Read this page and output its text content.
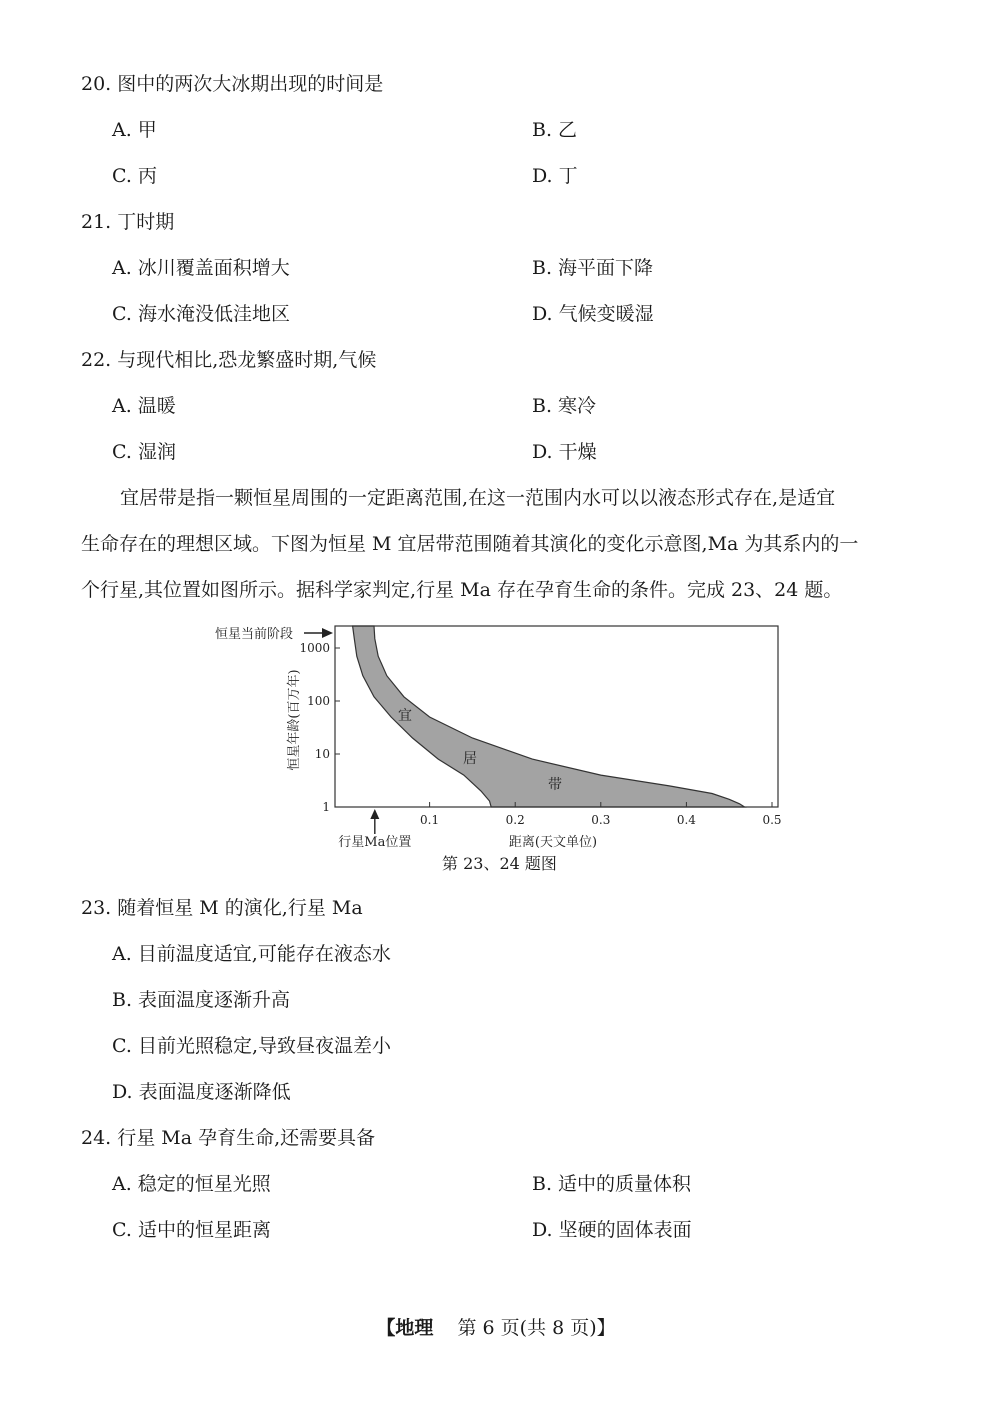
20. 图中的两次大冰期出现的时间是
A. 甲	B. 乙
C. 丙	D. 丁
21. 丁时期
A. 冰川覆盖面积增大	B. 海平面下降
C. 海水淹没低洼地区	D. 气候变暖湿
22. 与现代相比,恐龙繁盛时期,气候
A. 温暖	B. 寒冷
C. 湿润	D. 干燥
宜居带是指一颗恒星周围的一定距离范围,在这一范围内水可以以液态形式存在,是适宜
生命存在的理想区域。下图为恒星 M 宜居带范围随着其演化的变化示意图,Ma 为其系内的一
个行星,其位置如图所示。据科学家判定,行星 Ma 存在孕育生命的条件。完成 23、24 题。
0.1	0.2	0.3	0.4	0.5
1
10
100
1000
宜
居
带
恒星年龄(百万年)
距离(天文单位)
恒星当前阶段
行星Ma位置
第 23、24 题图
23. 随着恒星 M 的演化,行星 Ma
A. 目前温度适宜,可能存在液态水
B. 表面温度逐渐升高
C. 目前光照稳定,导致昼夜温差小
D. 表面温度逐渐降低
24. 行星 Ma 孕育生命,还需要具备
A. 稳定的恒星光照	B. 适中的质量体积
C. 适中的恒星距离	D. 坚硬的固体表面
【地理 第 6 页(共 8 页)】
